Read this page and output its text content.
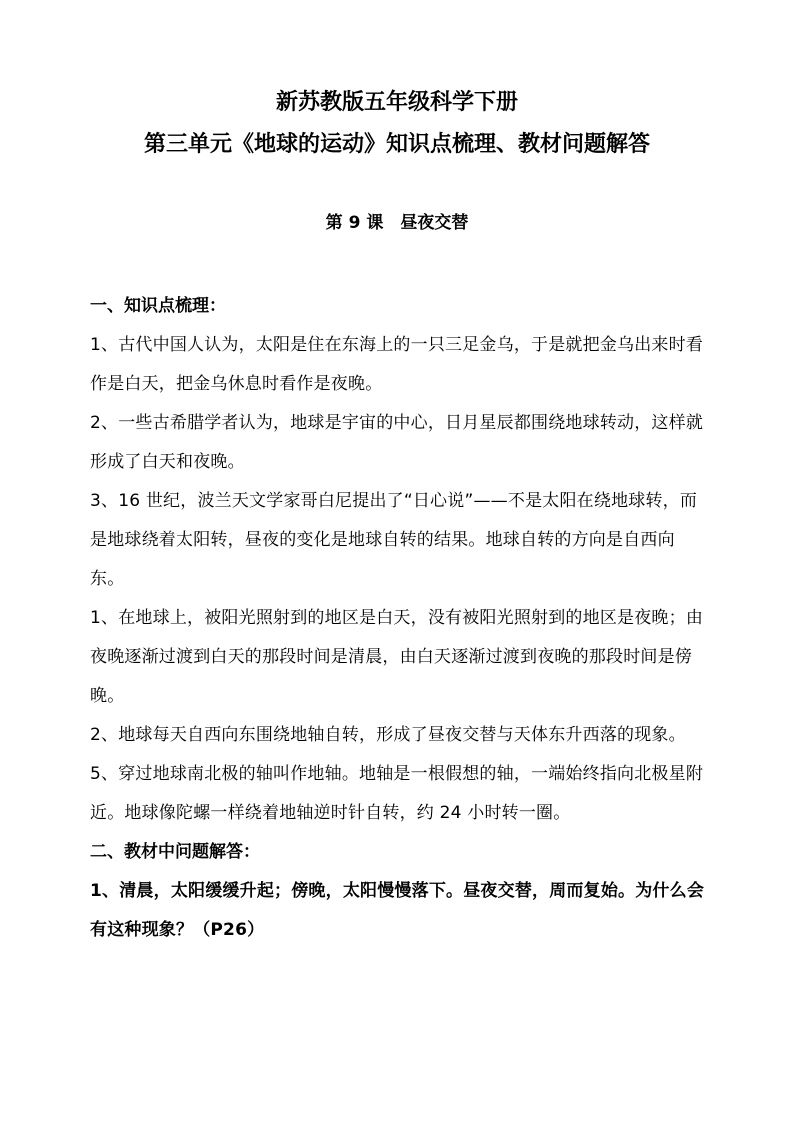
新苏教版五年级科学下册
第三单元《地球的运动》知识点梳理、教材问题解答
第 9 课　昼夜交替

一、知识点梳理：

1、古代中国人认为，太阳是住在东海上的一只三足金乌，于是就把金乌出来时看作是白天，把金乌休息时看作是夜晚。

2、一些古希腊学者认为，地球是宇宙的中心，日月星辰都围绕地球转动，这样就形成了白天和夜晚。

3、16 世纪，波兰天文学家哥白尼提出了“日心说”——不是太阳在绕地球转，而是地球绕着太阳转，昼夜的变化是地球自转的结果。地球自转的方向是自西向东。

1、在地球上，被阳光照射到的地区是白天，没有被阳光照射到的地区是夜晚；由夜晚逐渐过渡到白天的那段时间是清晨，由白天逐渐过渡到夜晚的那段时间是傍晚。

2、地球每天自西向东围绕地轴自转，形成了昼夜交替与天体东升西落的现象。

5、穿过地球南北极的轴叫作地轴。地轴是一根假想的轴，一端始终指向北极星附近。地球像陀螺一样绕着地轴逆时针自转，约 24 小时转一圈。

二、教材中问题解答：

1、清晨，太阳缓缓升起；傍晚，太阳慢慢落下。昼夜交替，周而复始。为什么会有这种现象？（P26）
